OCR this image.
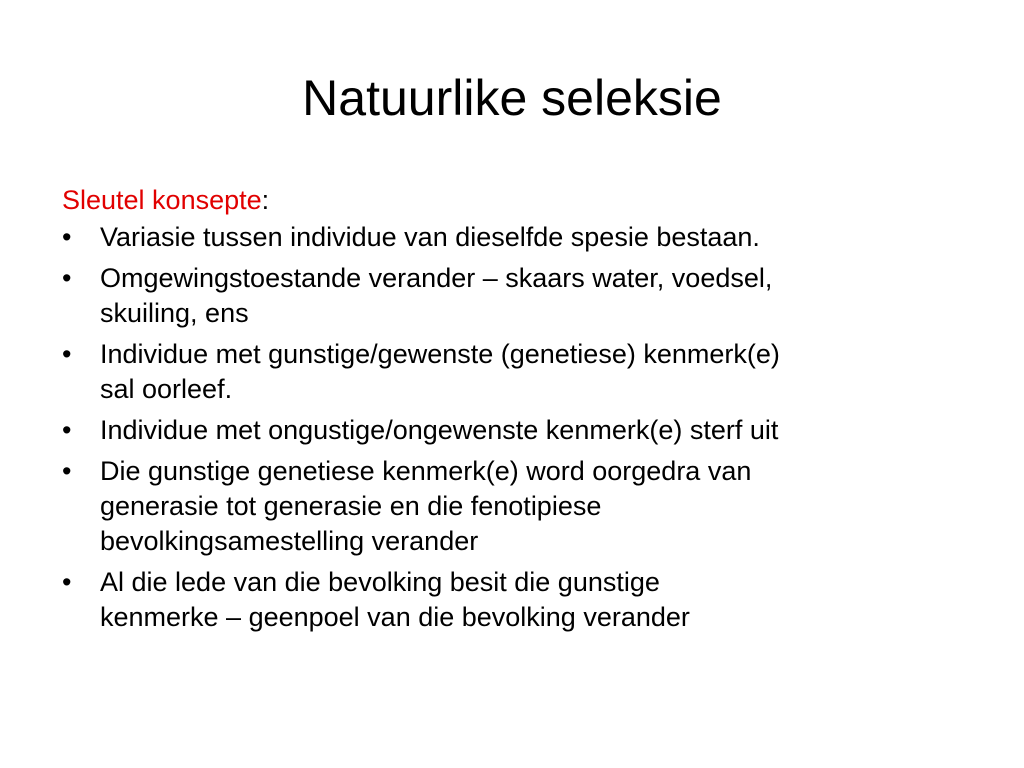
Natuurlike seleksie
Sleutel konsepte:
• Variasie tussen individue van dieselfde spesie bestaan.
• Omgewingstoestande verander – skaars water, voedsel,
skuiling, ens
• Individue met gunstige/gewenste (genetiese) kenmerk(e)
sal oorleef.
• Individue met ongustige/ongewenste kenmerk(e) sterf uit
• Die gunstige genetiese kenmerk(e) word oorgedra van
generasie tot generasie en die fenotipiese
bevolkingsamestelling verander
• Al die lede van die bevolking besit die gunstige
kenmerke – geenpoel van die bevolking verander
